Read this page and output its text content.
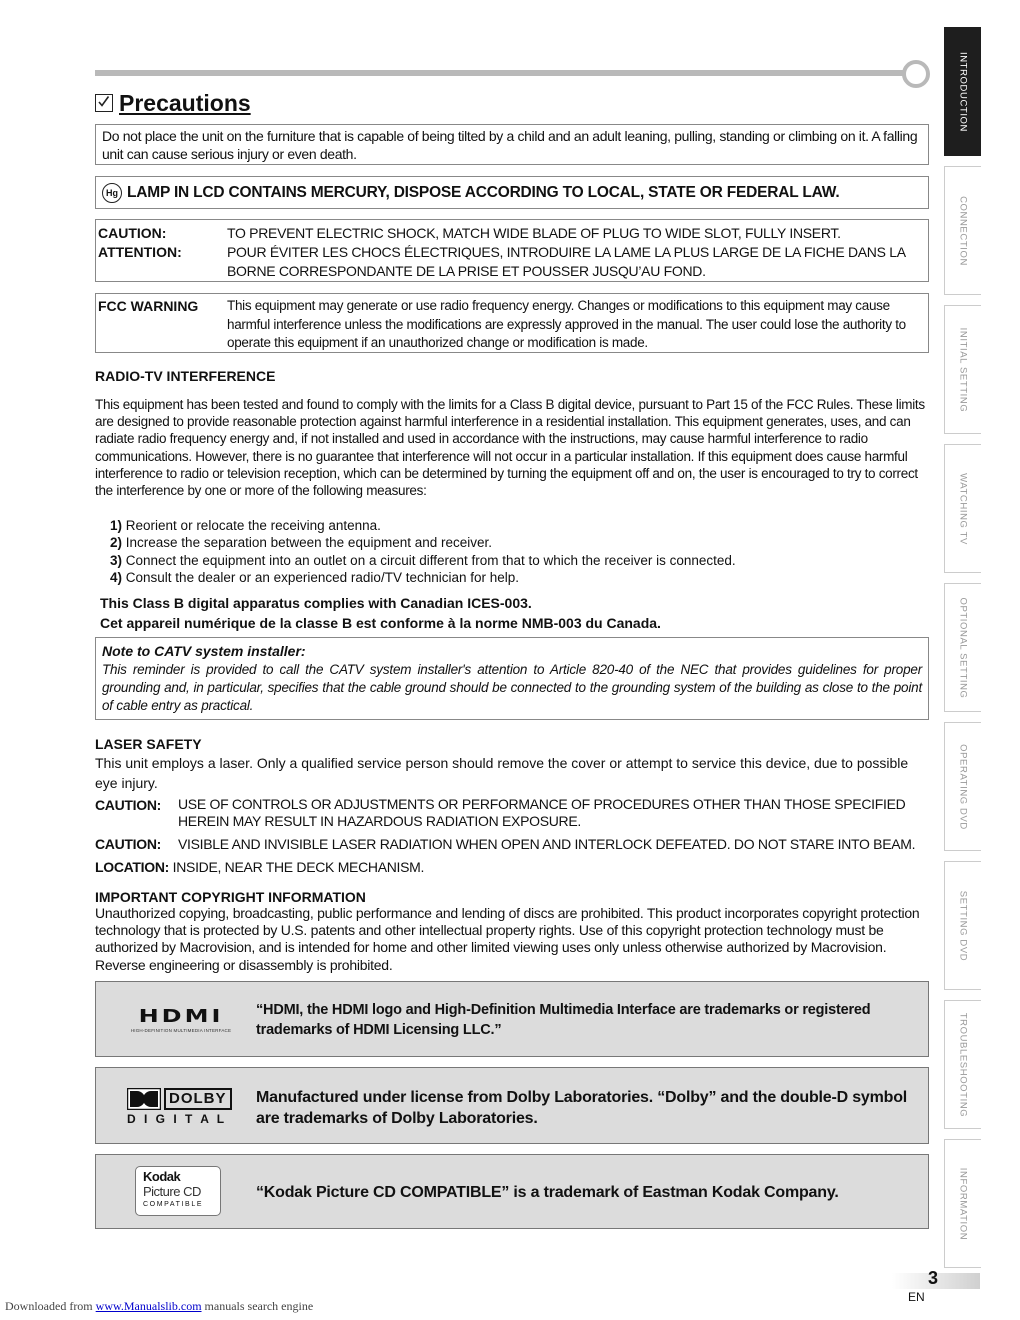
Precautions
Do not place the unit on the furniture that is capable of being tilted by a child and an adult leaning, pulling, standing or climbing on it. A falling unit can cause serious injury or even death.
Hg LAMP IN LCD CONTAINS MERCURY, DISPOSE ACCORDING TO LOCAL, STATE OR FEDERAL LAW.
CAUTION:	TO PREVENT ELECTRIC SHOCK, MATCH WIDE BLADE OF PLUG TO WIDE SLOT, FULLY INSERT.
ATTENTION:	POUR ÉVITER LES CHOCS ÉLECTRIQUES, INTRODUIRE LA LAME LA PLUS LARGE DE LA FICHE DANS LA BORNE CORRESPONDANTE DE LA PRISE ET POUSSER JUSQU’AU FOND.
FCC WARNING	This equipment may generate or use radio frequency energy. Changes or modifications to this equipment may cause harmful interference unless the modifications are expressly approved in the manual. The user could lose the authority to operate this equipment if an unauthorized change or modification is made.
RADIO-TV INTERFERENCE
This equipment has been tested and found to comply with the limits for a Class B digital device, pursuant to Part 15 of the FCC Rules. These limits are designed to provide reasonable protection against harmful interference in a residential installation. This equipment generates, uses, and can radiate radio frequency energy and, if not installed and used in accordance with the instructions, may cause harmful interference to radio communications. However, there is no guarantee that interference will not occur in a particular installation. If this equipment does cause harmful interference to radio or television reception, which can be determined by turning the equipment off and on, the user is encouraged to try to correct the interference by one or more of the following measures:
1) Reorient or relocate the receiving antenna.
2) Increase the separation between the equipment and receiver.
3) Connect the equipment into an outlet on a circuit different from that to which the receiver is connected.
4) Consult the dealer or an experienced radio/TV technician for help.
This Class B digital apparatus complies with Canadian ICES-003.
Cet appareil numérique de la classe B est conforme à la norme NMB-003 du Canada.
Note to CATV system installer:
This reminder is provided to call the CATV system installer's attention to Article 820-40 of the NEC that provides guidelines for proper grounding and, in particular, specifies that the cable ground should be connected to the grounding system of the building as close to the point of cable entry as practical.
LASER SAFETY
This unit employs a laser. Only a qualified service person should remove the cover or attempt to service this device, due to possible eye injury.
CAUTION:	USE OF CONTROLS OR ADJUSTMENTS OR PERFORMANCE OF PROCEDURES OTHER THAN THOSE SPECIFIED HEREIN MAY RESULT IN HAZARDOUS RADIATION EXPOSURE.
CAUTION:	VISIBLE AND INVISIBLE LASER RADIATION WHEN OPEN AND INTERLOCK DEFEATED. DO NOT STARE INTO BEAM.
LOCATION: INSIDE, NEAR THE DECK MECHANISM.
IMPORTANT COPYRIGHT INFORMATION
Unauthorized copying, broadcasting, public performance and lending of discs are prohibited. This product incorporates copyright protection technology that is protected by U.S. patents and other intellectual property rights. Use of this copyright protection technology must be authorized by Macrovision, and is intended for home and other limited viewing uses only unless otherwise authorized by Macrovision. Reverse engineering or disassembly is prohibited.
HDMI
HIGH-DEFINITION MULTIMEDIA INTERFACE
“HDMI, the HDMI logo and High-Definition Multimedia Interface are trademarks or registered trademarks of HDMI Licensing LLC.”
DOLBY
D I G I T A L
Manufactured under license from Dolby Laboratories. “Dolby” and the double-D symbol are trademarks of Dolby Laboratories.
Kodak
Picture CD
COMPATIBLE
“Kodak Picture CD COMPATIBLE” is a trademark of Eastman Kodak Company.
INTRODUCTION
CONNECTION
INITIAL SETTING
WATCHING TV
OPTIONAL SETTING
OPERATING DVD
SETTING DVD
TROUBLESHOOTING
INFORMATION
3
EN
Downloaded from www.Manualslib.com manuals search engine
